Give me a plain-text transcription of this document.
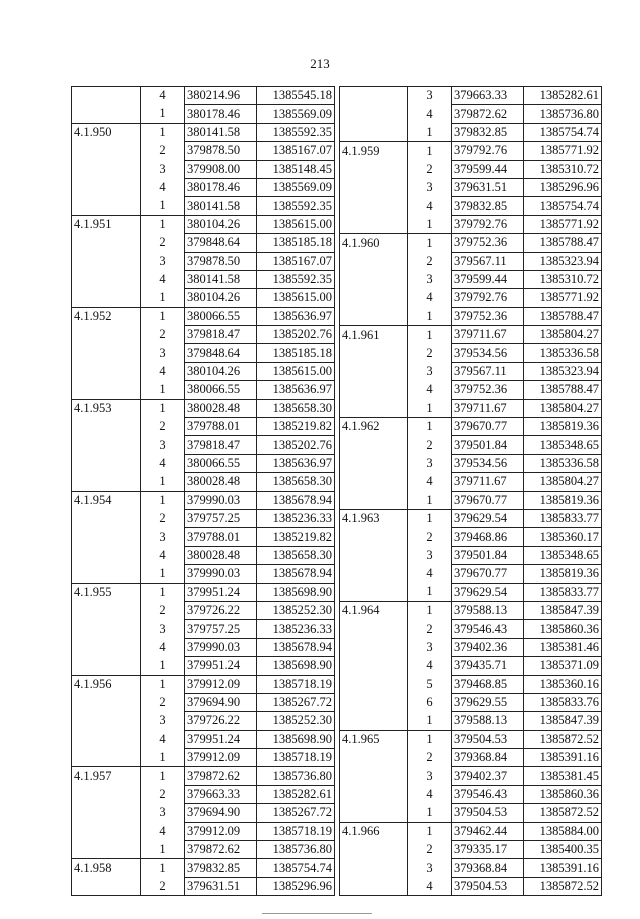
213
	4	380214.96	1385545.18
	1	380178.46	1385569.09
4.1.950	1	380141.58	1385592.35
	2	379878.50	1385167.07
	3	379908.00	1385148.45
	4	380178.46	1385569.09
	1	380141.58	1385592.35
4.1.951	1	380104.26	1385615.00
	2	379848.64	1385185.18
	3	379878.50	1385167.07
	4	380141.58	1385592.35
	1	380104.26	1385615.00
4.1.952	1	380066.55	1385636.97
	2	379818.47	1385202.76
	3	379848.64	1385185.18
	4	380104.26	1385615.00
	1	380066.55	1385636.97
4.1.953	1	380028.48	1385658.30
	2	379788.01	1385219.82
	3	379818.47	1385202.76
	4	380066.55	1385636.97
	1	380028.48	1385658.30
4.1.954	1	379990.03	1385678.94
	2	379757.25	1385236.33
	3	379788.01	1385219.82
	4	380028.48	1385658.30
	1	379990.03	1385678.94
4.1.955	1	379951.24	1385698.90
	2	379726.22	1385252.30
	3	379757.25	1385236.33
	4	379990.03	1385678.94
	1	379951.24	1385698.90
4.1.956	1	379912.09	1385718.19
	2	379694.90	1385267.72
	3	379726.22	1385252.30
	4	379951.24	1385698.90
	1	379912.09	1385718.19
4.1.957	1	379872.62	1385736.80
	2	379663.33	1385282.61
	3	379694.90	1385267.72
	4	379912.09	1385718.19
	1	379872.62	1385736.80
4.1.958	1	379832.85	1385754.74
	2	379631.51	1385296.96
	3	379663.33	1385282.61
	4	379872.62	1385736.80
	1	379832.85	1385754.74
4.1.959	1	379792.76	1385771.92
	2	379599.44	1385310.72
	3	379631.51	1385296.96
	4	379832.85	1385754.74
	1	379792.76	1385771.92
4.1.960	1	379752.36	1385788.47
	2	379567.11	1385323.94
	3	379599.44	1385310.72
	4	379792.76	1385771.92
	1	379752.36	1385788.47
4.1.961	1	379711.67	1385804.27
	2	379534.56	1385336.58
	3	379567.11	1385323.94
	4	379752.36	1385788.47
	1	379711.67	1385804.27
4.1.962	1	379670.77	1385819.36
	2	379501.84	1385348.65
	3	379534.56	1385336.58
	4	379711.67	1385804.27
	1	379670.77	1385819.36
4.1.963	1	379629.54	1385833.77
	2	379468.86	1385360.17
	3	379501.84	1385348.65
	4	379670.77	1385819.36
	1	379629.54	1385833.77
4.1.964	1	379588.13	1385847.39
	2	379546.43	1385860.36
	3	379402.36	1385381.46
	4	379435.71	1385371.09
	5	379468.85	1385360.16
	6	379629.55	1385833.76
	1	379588.13	1385847.39
4.1.965	1	379504.53	1385872.52
	2	379368.84	1385391.16
	3	379402.37	1385381.45
	4	379546.43	1385860.36
	1	379504.53	1385872.52
4.1.966	1	379462.44	1385884.00
	2	379335.17	1385400.35
	3	379368.84	1385391.16
	4	379504.53	1385872.52
